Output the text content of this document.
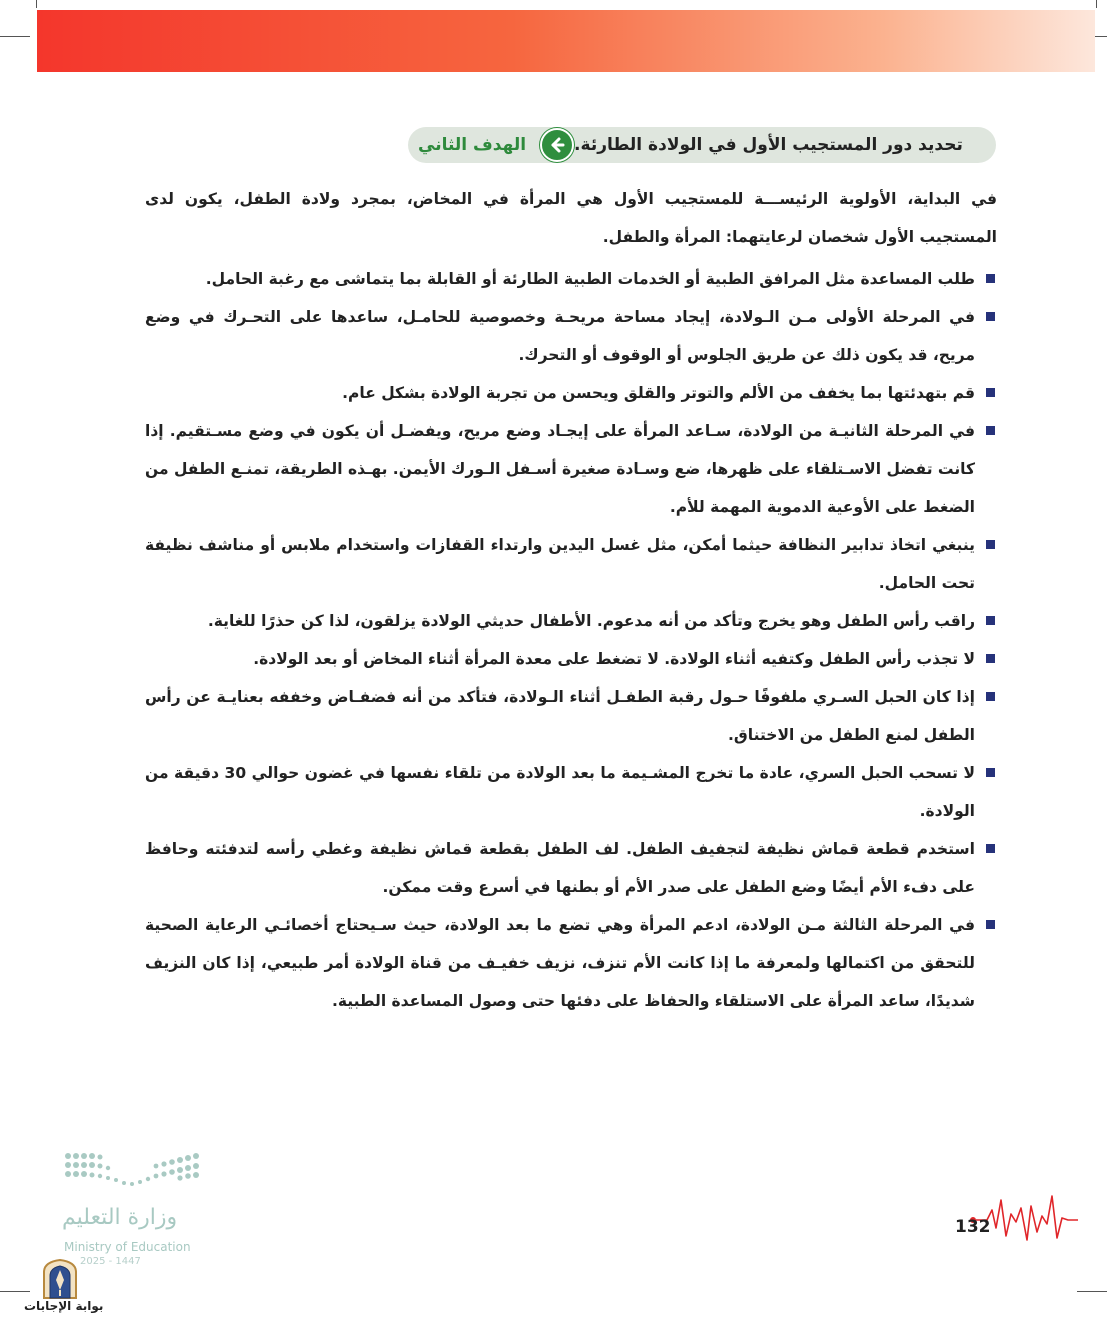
الهدف الثاني	تحديد دور المستجيب الأول في الولادة الطارئة.

في البداية، الأولوية الرئيســـة للمستجيب الأول هي المرأة في المخاض، بمجرد ولادة الطفل، يكون لدى المستجيب الأول شخصان لرعايتهما: المرأة والطفل.

طلب المساعدة مثل المرافق الطبية أو الخدمات الطبية الطارئة أو القابلة بما يتماشى مع رغبة الحامل.
في المرحلة الأولى مـن الـولادة، إيجاد مساحة مريحـة وخصوصية للحامـل، ساعدها على التحـرك في وضع مريح، قد يكون ذلك عن طريق الجلوس أو الوقوف أو التحرك.
قم بتهدئتها بما يخفف من الألم والتوتر والقلق ويحسن من تجربة الولادة بشكل عام.
في المرحلة الثانيـة من الولادة، سـاعد المرأة على إيجـاد وضع مريح، ويفضـل أن يكون في وضع مسـتقيم. إذا كانت تفضل الاسـتلقاء على ظهرها، ضع وسـادة صغيرة أسـفل الـورك الأيمن. بهـذه الطريقة، تمنـع الطفل من الضغط على الأوعية الدموية المهمة للأم.
ينبغي اتخاذ تدابير النظافة حيثما أمكن، مثل غسل اليدين وارتداء القفازات واستخدام ملابس أو مناشف نظيفة تحت الحامل.
راقب رأس الطفل وهو يخرج وتأكد من أنه مدعوم. الأطفال حديثي الولادة يزلقون، لذا كن حذرًا للغاية.
لا تجذب رأس الطفل وكتفيه أثناء الولادة. لا تضغط على معدة المرأة أثناء المخاض أو بعد الولادة.
إذا كان الحبل السـري ملفوفًا حـول رقبة الطفـل أثناء الـولادة، فتأكد من أنه فضفـاض وخففه بعنايـة عن رأس الطفل لمنع الطفل من الاختناق.
لا تسحب الحبل السري، عادة ما تخرج المشـيمة ما بعد الولادة من تلقاء نفسها في غضون حوالي 30 دقيقة من الولادة.
استخدم قطعة قماش نظيفة لتجفيف الطفل. لف الطفل بقطعة قماش نظيفة وغطي رأسه لتدفئته وحافظ على دفء الأم أيضًا وضع الطفل على صدر الأم أو بطنها في أسرع وقت ممكن.
في المرحلة الثالثة مـن الولادة، ادعم المرأة وهي تضع ما بعد الولادة، حيث سـيحتاج أخصائـي الرعاية الصحية للتحقق من اكتمالها ولمعرفة ما إذا كانت الأم تنزف، نزيف خفيـف من قناة الولادة أمر طبيعي، إذا كان النزيف شديدًا، ساعد المرأة على الاستلقاء والحفاظ على دفئها حتى وصول المساعدة الطبية.
132
وزارة التعليم
Ministry of Education
2025 - 1447
بوابة الإجابات
